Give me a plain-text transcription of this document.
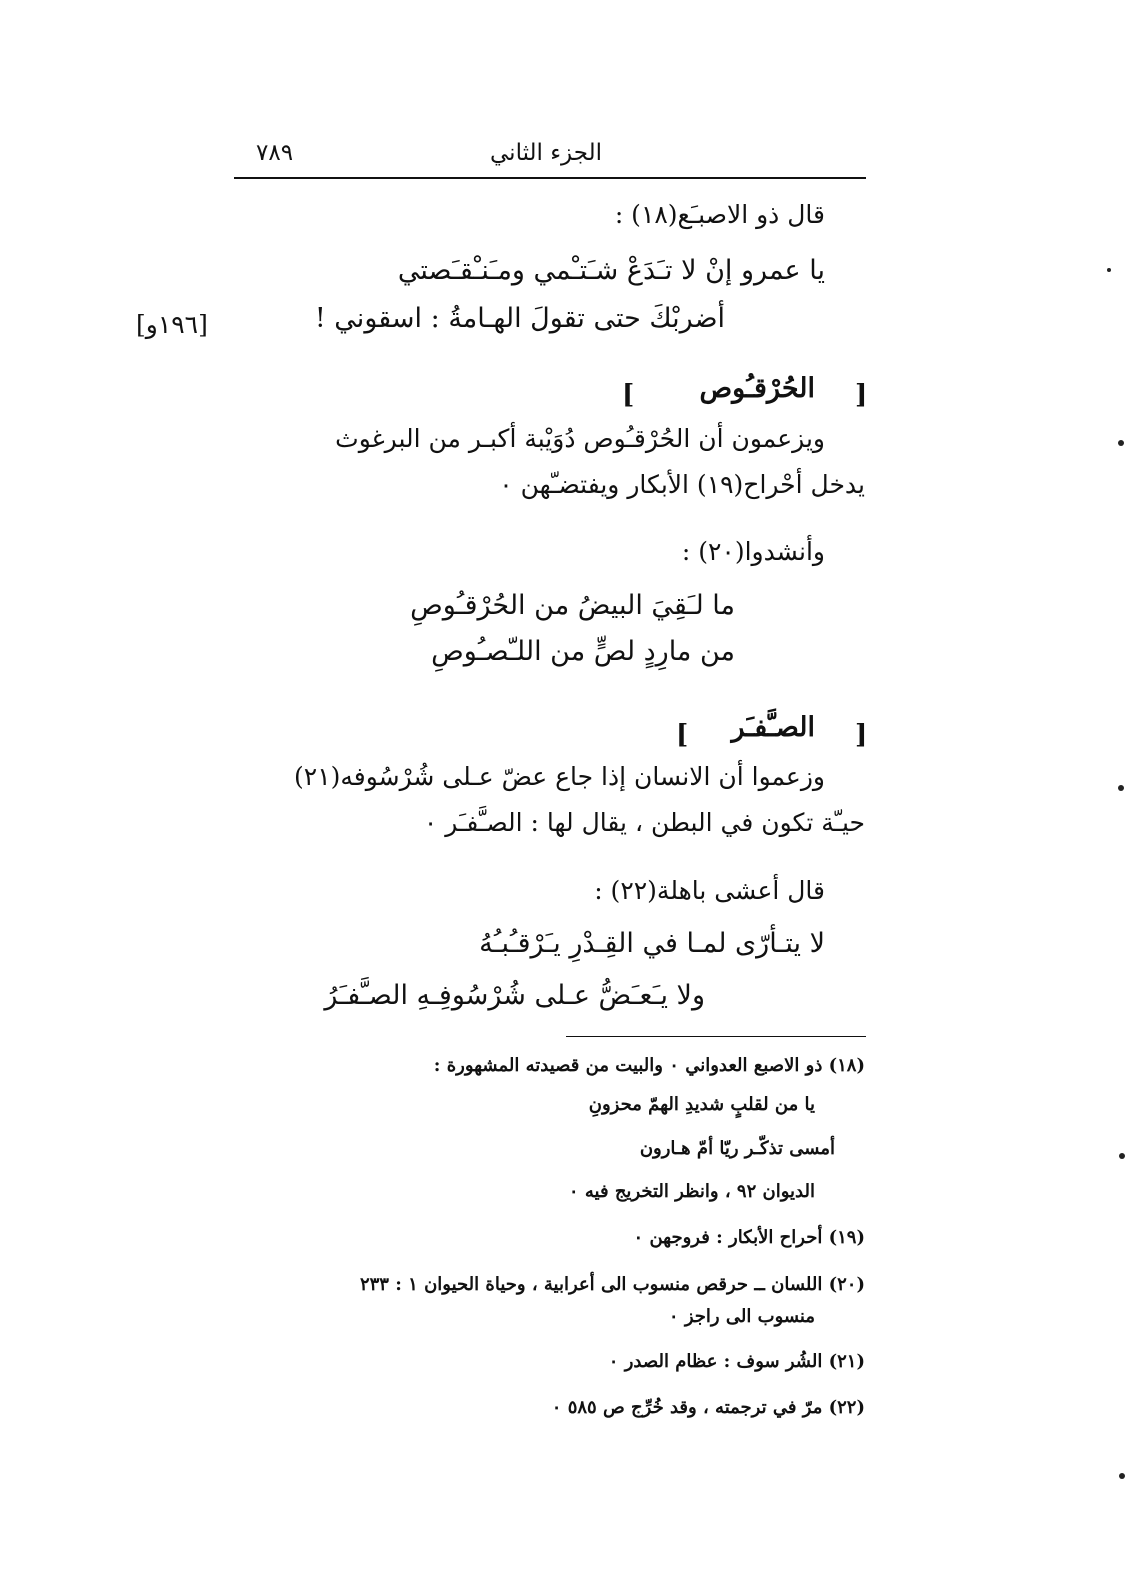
٧٨٩	الجزء الثاني
قال ذو الاصبـَع(١٨) :
يا عمرو إنْ لا تـَدَعْ شـَتـْمي ومـَنـْقـَصتي
أضربْكَ حتى تقولَ الهـامةُ : اسقوني !
[١٩٦و]
[
الحُرْقـُوص
]
ويزعمون أن الحُرْقـُوص دُوَيْبة أكبـر من البرغوث
يدخل أحْراح(١٩) الأبكار ويفتضـّهن ٠
وأنشدوا(٢٠) :
ما لـَقِيَ البيضُ من الحُرْقـُوصِ
من مارِدٍ لصٍّ من اللـّصـُوصِ
[
الصـَّفـَر
]
وزعموا أن الانسان إذا جاع عضّ عـلى شُرْسُوفه(٢١)
حيـّة تكون في البطن ، يقال لها : الصـَّفـَر ٠
قال أعشى باهلة(٢٢) :
لا يتـأرّى لمـا في القِـدْرِ يـَرْقـُبـُهُ
ولا يـَعـَضُّ عـلى شُرْسُوفِـهِ الصـَّفـَرُ
(١٨) ذو الاصبع العدواني ٠ والبيت من قصيدته المشهورة :
يا من لقلبٍ شديدِ الهمّ محزونِ
أمسى تذكّـر ريّا أمّ هـارون
الديوان ٩٢ ، وانظر التخريج فيه ٠
(١٩) أحراح الأبكار : فروجهن ٠
(٢٠) اللسان ــ حرقص منسوب الى أعرابية ، وحياة الحيوان ١ : ٢٣٣
منسوب الى راجز ٠
(٢١) الشُر سوف : عظام الصدر ٠
(٢٢) مرّ في ترجمته ، وقد خُرِّج ص ٥٨٥ ٠
